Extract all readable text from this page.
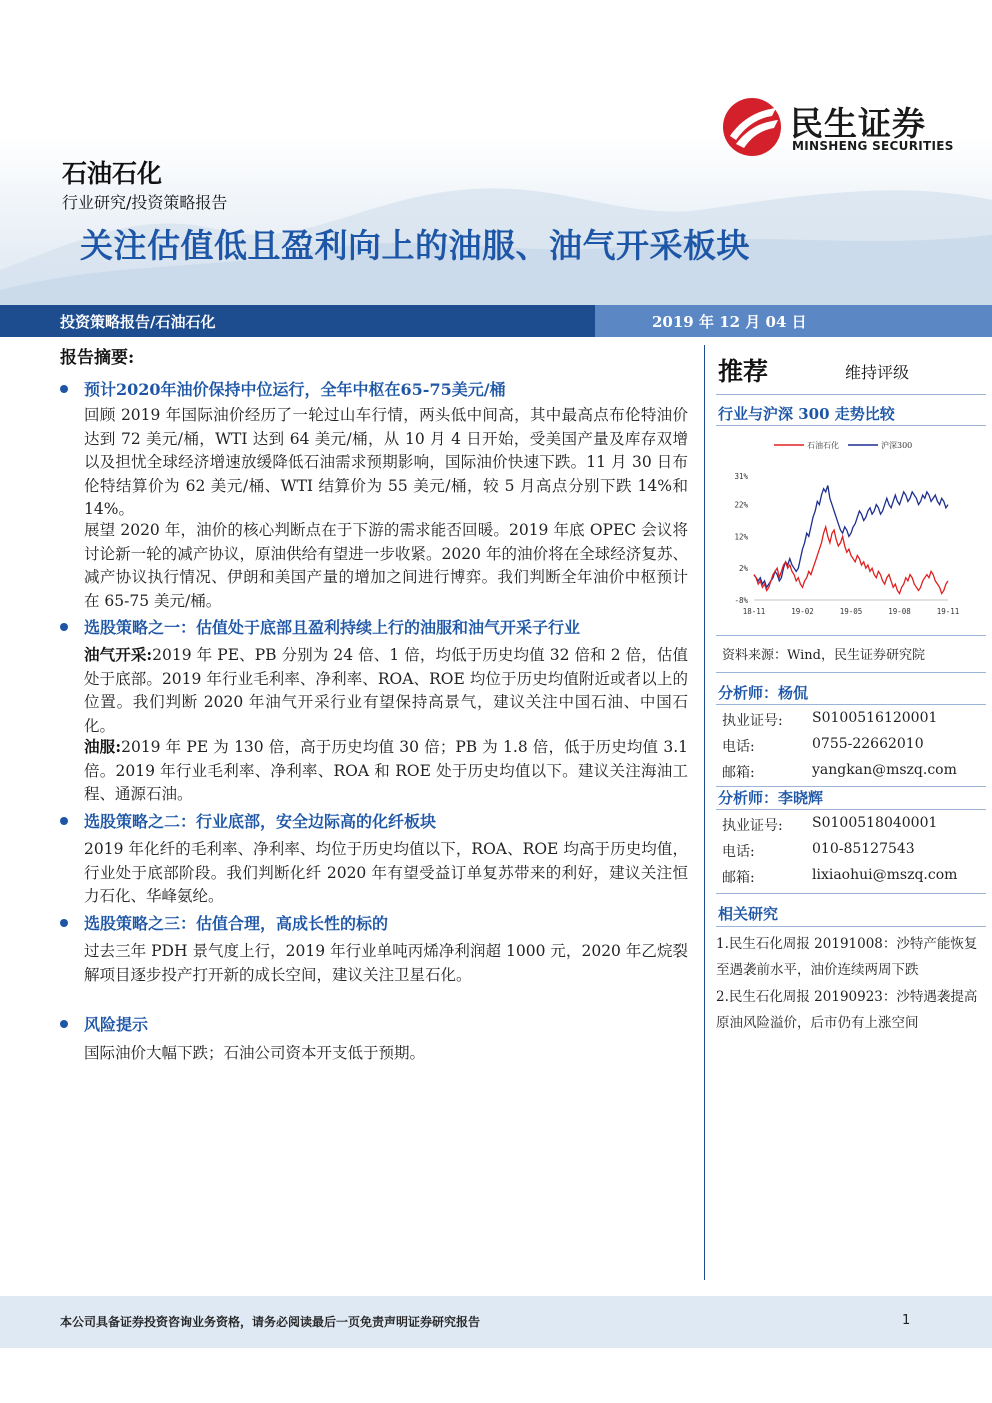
民生证券
MINSHENG SECURITIES
石油石化
行业研究/投资策略报告
关注估值低且盈利向上的油服、油气开采板块
投资策略报告/石油石化	2019 年 12 月 04 日
报告摘要:
预计2020年油价保持中位运行，全年中枢在65-75美元/桶
回顾 2019 年国际油价经历了一轮过山车行情，两头低中间高，其中最高点布伦特油价达到 72 美元/桶，WTI 达到 64 美元/桶，从 10 月 4 日开始，受美国产量及库存双增以及担忧全球经济增速放缓降低石油需求预期影响，国际油价快速下跌。11 月 30 日布伦特结算价为 62 美元/桶、WTI 结算价为 55 美元/桶，较 5 月高点分别下跌 14%和 14%。
展望 2020 年，油价的核心判断点在于下游的需求能否回暖。2019 年底 OPEC 会议将讨论新一轮的减产协议，原油供给有望进一步收紧。2020 年的油价将在全球经济复苏、减产协议执行情况、伊朗和美国产量的增加之间进行博弈。我们判断全年油价中枢预计在 65-75 美元/桶。
选股策略之一：估值处于底部且盈利持续上行的油服和油气开采子行业
油气开采:2019 年 PE、PB 分别为 24 倍、1 倍，均低于历史均值 32 倍和 2 倍，估值处于底部。2019 年行业毛利率、净利率、ROA、ROE 均位于历史均值附近或者以上的位置。我们判断 2020 年油气开采行业有望保持高景气，建议关注中国石油、中国石化。
油服:2019 年 PE 为 130 倍，高于历史均值 30 倍；PB 为 1.8 倍，低于历史均值 3.1 倍。2019 年行业毛利率、净利率、ROA 和 ROE 处于历史均值以下。建议关注海油工程、通源石油。
选股策略之二：行业底部，安全边际高的化纤板块
2019 年化纤的毛利率、净利率、均位于历史均值以下，ROA、ROE 均高于历史均值，行业处于底部阶段。我们判断化纤 2020 年有望受益订单复苏带来的利好，建议关注恒力石化、华峰氨纶。
选股策略之三：估值合理，高成长性的标的
过去三年 PDH 景气度上行，2019 年行业单吨丙烯净利润超 1000 元，2020 年乙烷裂解项目逐步投产打开新的成长空间，建议关注卫星石化。
风险提示
国际油价大幅下跌；石油公司资本开支低于预期。
推荐	维持评级
行业与沪深 300 走势比较
石油石化	沪深300
31%
22%
12%
2%
-8%
18-11	19-02	19-05	19-08	19-11
资料来源：Wind，民生证券研究院
分析师：杨侃
执业证号: S0100516120001
电话:	0755-22662010
邮箱:	yangkan@mszq.com
分析师：李晓辉
执业证号: S0100518040001
电话:	010-85127543
邮箱:	lixiaohui@mszq.com
相关研究
1.民生石化周报 20191008：沙特产能恢复至遇袭前水平，油价连续两周下跌
2.民生石化周报 20190923：沙特遇袭提高原油风险溢价，后市仍有上涨空间
本公司具备证券投资咨询业务资格，请务必阅读最后一页免责声明证券研究报告	1
